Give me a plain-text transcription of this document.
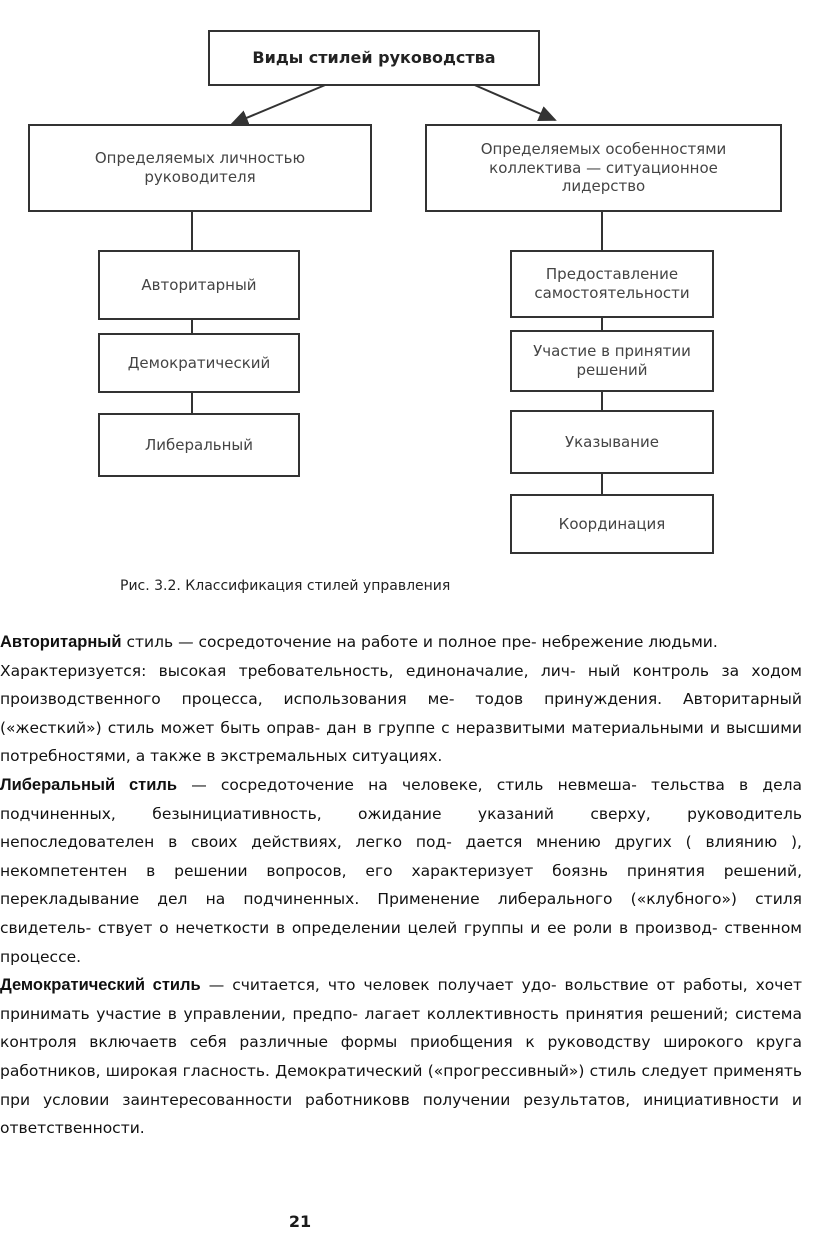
Виды стилей руководства
Определяемых личностью руководителя
Определяемых особенностями коллектива — ситуационное лидерство
Авторитарный
Демократический
Либеральный
Предоставление самостоятельности
Участие в принятии решений
Указывание
Координация
Рис. 3.2. Классификация стилей управления

Авторитарный стиль — сосредоточение на работе и полное пре- небрежение людьми.

Характеризуется: высокая требовательность, единоначалие, лич- ный контроль за ходом производственного процесса, использования ме- тодов принуждения. Авторитарный («жесткий») стиль может быть оправ- дан в группе с неразвитыми материальными и высшими потребностями, а также в экстремальных ситуациях.

Либеральный стиль — сосредоточение на человеке, стиль невмеша- тельства в дела подчиненных, безынициативность, ожидание указаний сверху, руководитель непоследователен в своих действиях, легко под- дается мнению других ( влиянию ), некомпетентен в решении вопросов, его характеризует боязнь принятия решений, перекладывание дел на подчиненных. Применение либерального («клубного») стиля свидетель- ствует о нечеткости в определении целей группы и ее роли в производ- ственном процессе.

Демократический стиль — считается, что человек получает удо- вольствие от работы, хочет принимать участие в управлении, предпо- лагает коллективность принятия решений; система контроля включаетв себя различные формы приобщения к руководству широкого круга работников, широкая гласность. Демократический («прогрессивный») стиль следует применять при условии заинтересованности работниковв получении результатов, инициативности и ответственности.

21
